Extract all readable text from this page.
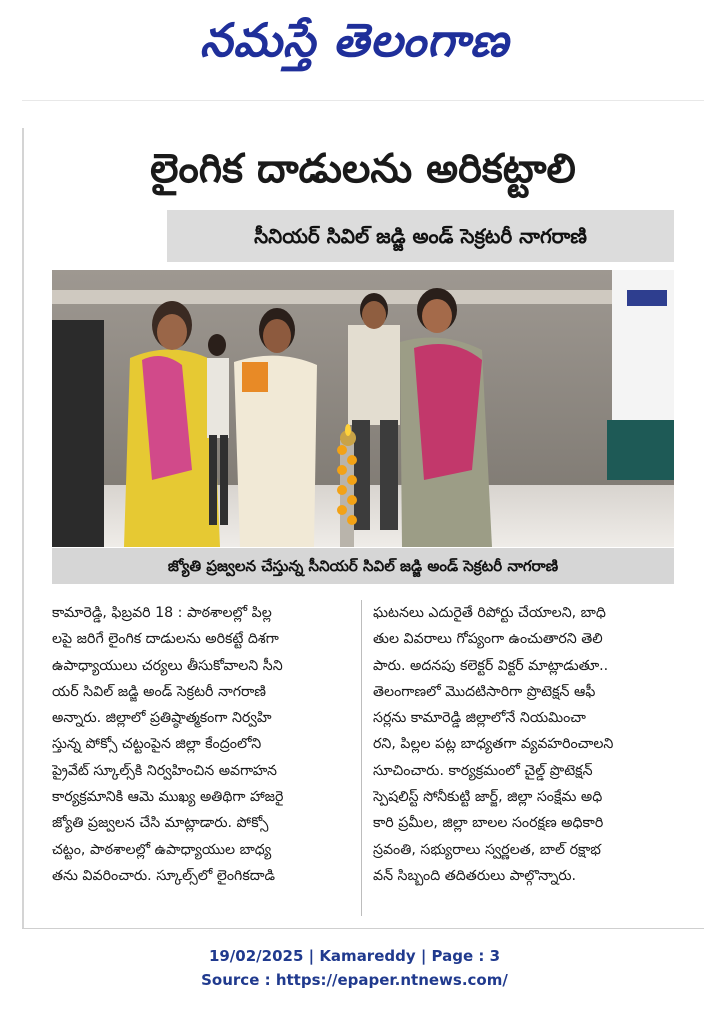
నమస్తే తెలంగాణ
లైంగిక దాడులను అరికట్టాలి
సీనియర్ సివిల్ జడ్జి అండ్ సెక్రటరీ నాగరాణి
జ్యోతి ప్రజ్వలన చేస్తున్న సీనియర్ సివిల్ జడ్జి అండ్ సెక్రటరీ నాగరాణి
కామారెడ్డి, ఫిబ్రవరి 18 : పాఠశాలల్లో పిల్ల
లపై జరిగే లైంగిక దాడులను అరికట్టే దిశగా
ఉపాధ్యాయులు చర్యలు తీసుకోవాలని సీని
యర్ సివిల్ జడ్జి అండ్ సెక్రటరీ నాగరాణి
అన్నారు. జిల్లాలో ప్రతిష్ఠాత్మకంగా నిర్వహి
స్తున్న పోక్సో చట్టంపైన జిల్లా కేంద్రంలోని
ప్రైవేట్ స్కూల్స్‌కి నిర్వహించిన అవగాహన
కార్యక్రమానికి ఆమె ముఖ్య అతిథిగా హాజరై
జ్యోతి ప్రజ్వలన చేసి మాట్లాడారు. పోక్సో
చట్టం, పాఠశాలల్లో ఉపాధ్యాయుల బాధ్య
తను వివరించారు. స్కూల్స్‌లో లైంగికదాడి
ఘటనలు ఎదురైతే రిపోర్టు చేయాలని, బాధి
తుల వివరాలు గోప్యంగా ఉంచుతారని తెలి
పారు. అదనపు కలెక్టర్ విక్టర్ మాట్లాడుతూ..
తెలంగాణలో మొదటిసారిగా ప్రొటెక్షన్ ఆఫీ
సర్లను కామారెడ్డి జిల్లాలోనే నియమించా
రని, పిల్లల పట్ల బాధ్యతగా వ్యవహరించాలని
సూచించారు. కార్యక్రమంలో చైల్డ్ ప్రొటెక్షన్
స్పెషలిస్ట్ సోనీకుట్టి జార్జ్, జిల్లా సంక్షేమ అధి
కారి ప్రమీల, జిల్లా బాలల సంరక్షణ అధికారి
స్రవంతి, సభ్యురాలు స్వర్ణలత, బాల్ రక్షాభ
వన్ సిబ్బంది తదితరులు పాల్గొన్నారు.
19/02/2025 | Kamareddy | Page : 3
Source : https://epaper.ntnews.com/
